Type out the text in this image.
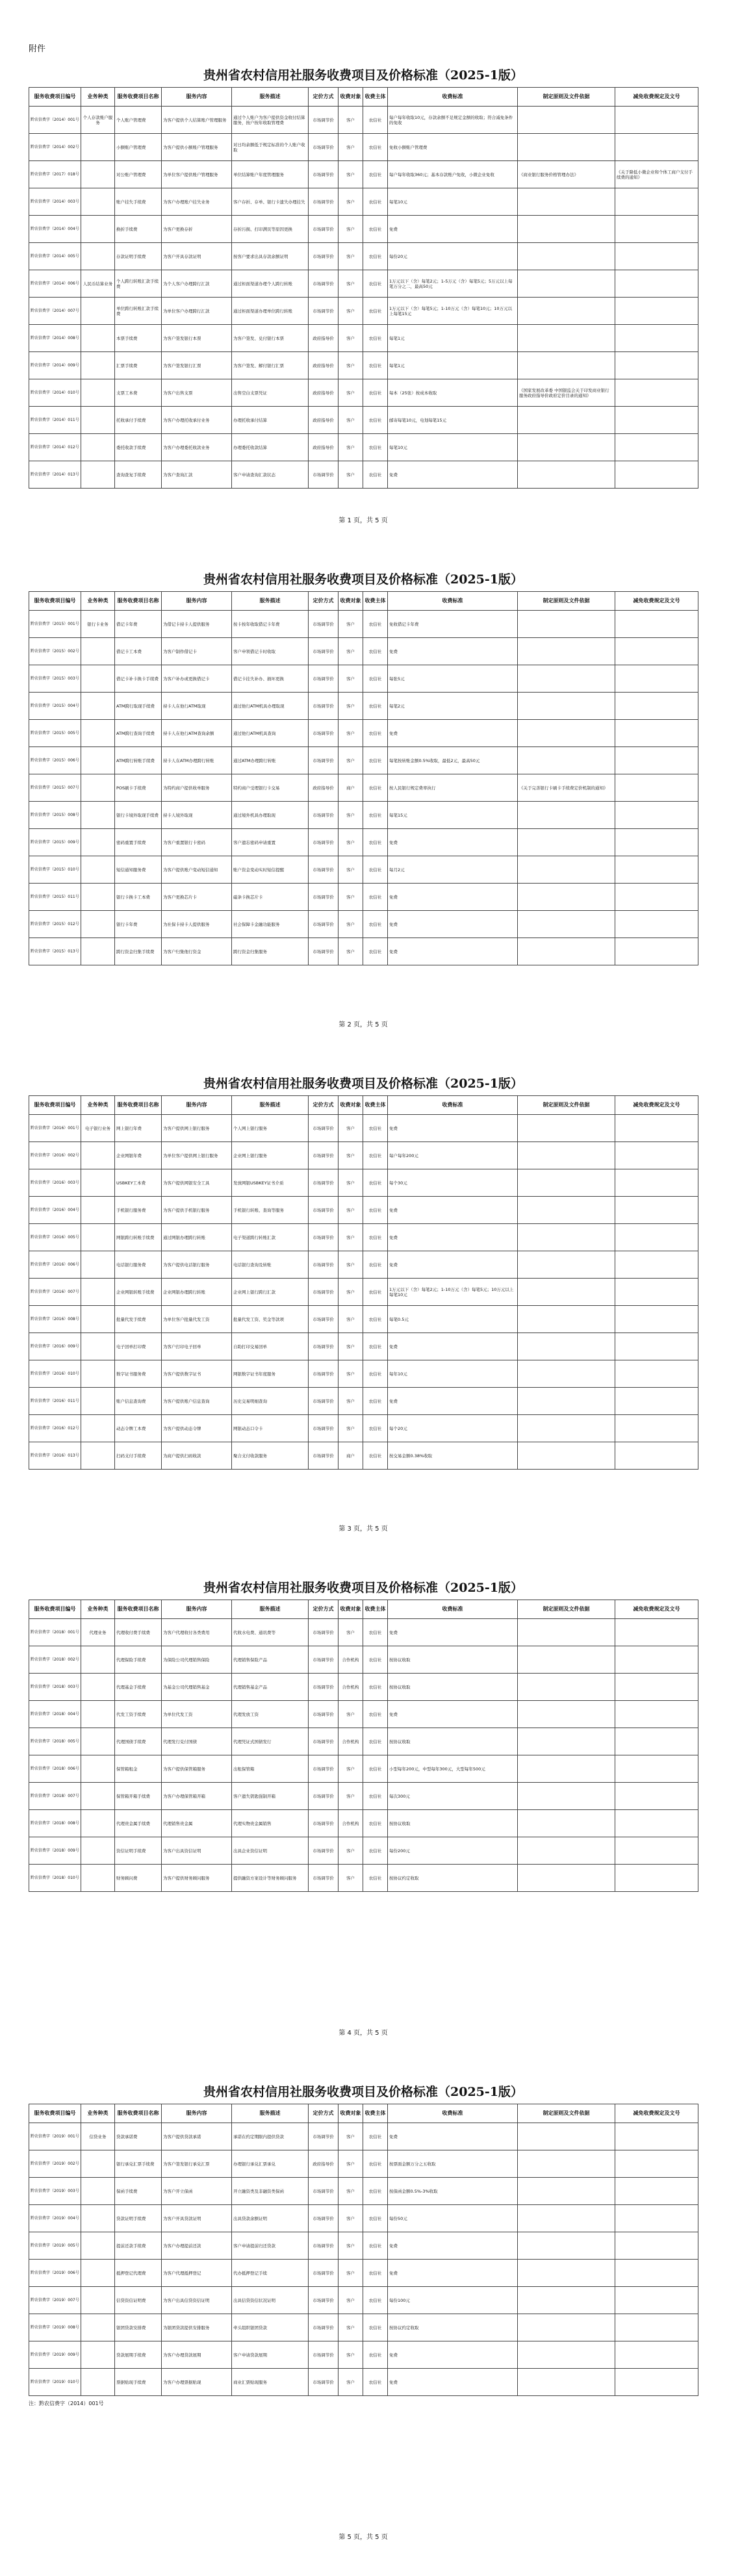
附件
贵州省农村信用社服务收费项目及价格标准（2025-1版）
服务收费项目编号	业务种类	服务收费项目名称	服务内容	服务描述	定价方式	收费对象	收费主体	收费标准	制定原则及文件依据	减免收费规定及文号
黔农信费字（2014）001号	个人存款账户服务	个人账户管理费	为客户提供个人结算账户管理服务	通过个人账户为客户提供资金收付结算服务，按户按年收取管理费	市场调节价	客户	农信社	每户每年收取10元，存款余额不足规定金额的收取；符合减免条件的免收		
黔农信费字（2014）002号		小额账户管理费	为客户提供小额账户管理服务	对日均余额低于规定标准的个人账户收取	市场调节价	客户	农信社	免收小额账户管理费		
黔农信费字（2017）018号		对公账户管理费	为单位客户提供账户管理服务	单位结算账户年度管理服务	市场调节价	客户	农信社	每户每年收取360元；基本存款账户免收，小微企业免收	《商业银行服务价格管理办法》	《关于降低小微企业和个体工商户支付手续费的通知》
黔农信费字（2014）003号		账户挂失手续费	为客户办理账户挂失业务	客户存折、存单、银行卡遗失办理挂失	市场调节价	客户	农信社	每笔10元		
黔农信费字（2014）004号		换折手续费	为客户更换存折	存折污损、打印满页等原因更换	市场调节价	客户	农信社	免费		
黔农信费字（2014）005号		存款证明手续费	为客户开具存款证明	按客户要求出具存款余额证明	市场调节价	客户	农信社	每份20元		
黔农信费字（2014）006号	人民币结算业务	个人跨行转账汇款手续费	为个人客户办理跨行汇款	通过柜面渠道办理个人跨行转账	市场调节价	客户	农信社	1万元以下（含）每笔2元；1-5万元（含）每笔5元；5万元以上每笔万分之二，最高50元		
黔农信费字（2014）007号		单位跨行转账汇款手续费	为单位客户办理跨行汇款	通过柜面渠道办理单位跨行转账	市场调节价	客户	农信社	1万元以下（含）每笔5元；1-10万元（含）每笔10元；10万元以上每笔15元		
黔农信费字（2014）008号		本票手续费	为客户签发银行本票	为客户签发、兑付银行本票	政府指导价	客户	农信社	每笔1元		
黔农信费字（2014）009号		汇票手续费	为客户签发银行汇票	为客户签发、解付银行汇票	政府指导价	客户	农信社	每笔1元		
黔农信费字（2014）010号		支票工本费	为客户出售支票	出售空白支票凭证	政府指导价	客户	农信社	每本（25张）按成本收取	《国家发展改革委 中国银监会关于印发商业银行服务政府指导价政府定价目录的通知》	
黔农信费字（2014）011号		托收承付手续费	为客户办理托收承付业务	办理托收承付结算	政府指导价	客户	农信社	邮寄每笔10元，电划每笔15元		
黔农信费字（2014）012号		委托收款手续费	为客户办理委托收款业务	办理委托收款结算	政府指导价	客户	农信社	每笔10元		
黔农信费字（2014）013号		查询查复手续费	为客户查询汇款	客户申请查询汇款状态	市场调节价	客户	农信社	免费		
第 1 页，共 5 页
贵州省农村信用社服务收费项目及价格标准（2025-1版）
服务收费项目编号	业务种类	服务收费项目名称	服务内容	服务描述	定价方式	收费对象	收费主体	收费标准	制定原则及文件依据	减免收费规定及文号
黔农信费字（2015）001号	银行卡业务	借记卡年费	为借记卡持卡人提供服务	按卡按年收取借记卡年费	市场调节价	客户	农信社	免收借记卡年费		
黔农信费字（2015）002号		借记卡工本费	为客户制作借记卡	客户申领借记卡时收取	市场调节价	客户	农信社	免费		
黔农信费字（2015）003号		借记卡补卡换卡手续费	为客户补办或更换借记卡	借记卡挂失补办、损坏更换	市场调节价	客户	农信社	每张5元		
黔农信费字（2015）004号		ATM跨行取现手续费	持卡人在他行ATM取现	通过他行ATM机具办理取现	市场调节价	客户	农信社	每笔2元		
黔农信费字（2015）005号		ATM跨行查询手续费	持卡人在他行ATM查询余额	通过他行ATM机具查询	市场调节价	客户	农信社	免费		
黔农信费字（2015）006号		ATM跨行转账手续费	持卡人在ATM办理跨行转账	通过ATM办理跨行转账	市场调节价	客户	农信社	每笔按转账金额0.5%收取，最低2元，最高50元		
黔农信费字（2015）007号		POS刷卡手续费	为特约商户提供收单服务	特约商户受理银行卡交易	政府指导价	商户	农信社	按人民银行规定费率执行	《关于完善银行卡刷卡手续费定价机制的通知》	
黔农信费字（2015）008号		银行卡境外取现手续费	持卡人境外取现	通过境外机具办理取现	市场调节价	客户	农信社	每笔15元		
黔农信费字（2015）009号		密码重置手续费	为客户重置银行卡密码	客户遗忘密码申请重置	市场调节价	客户	农信社	免费		
黔农信费字（2015）010号		短信通知服务费	为客户提供账户变动短信通知	账户资金变动实时短信提醒	市场调节价	客户	农信社	每月2元		
黔农信费字（2015）011号		银行卡换卡工本费	为客户更换芯片卡	磁条卡换芯片卡	市场调节价	客户	农信社	免费		
黔农信费字（2015）012号		银行卡年费	为社保卡持卡人提供服务	社会保障卡金融功能服务	市场调节价	客户	农信社	免费		
黔农信费字（2015）013号		跨行资金归集手续费	为客户归集他行资金	跨行资金归集服务	市场调节价	客户	农信社	免费		
第 2 页，共 5 页
贵州省农村信用社服务收费项目及价格标准（2025-1版）
服务收费项目编号	业务种类	服务收费项目名称	服务内容	服务描述	定价方式	收费对象	收费主体	收费标准	制定原则及文件依据	减免收费规定及文号
黔农信费字（2016）001号	电子银行业务	网上银行年费	为客户提供网上银行服务	个人网上银行服务	市场调节价	客户	农信社	免费		
黔农信费字（2016）002号		企业网银年费	为单位客户提供网上银行服务	企业网上银行服务	市场调节价	客户	农信社	每户每年200元		
黔农信费字（2016）003号		USBKEY工本费	为客户提供网银安全工具	发放网银USBKEY证书介质	市场调节价	客户	农信社	每个30元		
黔农信费字（2016）004号		手机银行服务费	为客户提供手机银行服务	手机银行转账、查询等服务	市场调节价	客户	农信社	免费		
黔农信费字（2016）005号		网银跨行转账手续费	通过网银办理跨行转账	电子渠道跨行转账汇款	市场调节价	客户	农信社	免费		
黔农信费字（2016）006号		电话银行服务费	为客户提供电话银行服务	电话银行查询及转账	市场调节价	客户	农信社	免费		
黔农信费字（2016）007号		企业网银转账手续费	企业网银办理跨行转账	企业网上银行跨行汇款	市场调节价	客户	农信社	1万元以下（含）每笔2元；1-10万元（含）每笔5元；10万元以上每笔10元		
黔农信费字（2016）008号		批量代发手续费	为单位客户批量代发工资	批量代发工资、奖金等款项	市场调节价	客户	农信社	每笔0.5元		
黔农信费字（2016）009号		电子回单打印费	为客户打印电子回单	自助打印交易回单	市场调节价	客户	农信社	免费		
黔农信费字（2016）010号		数字证书服务费	为客户提供数字证书	网银数字证书年度服务	市场调节价	客户	农信社	每年10元		
黔农信费字（2016）011号		账户信息查询费	为客户提供账户信息查询	历史交易明细查询	市场调节价	客户	农信社	免费		
黔农信费字（2016）012号		动态令牌工本费	为客户提供动态令牌	网银动态口令卡	市场调节价	客户	农信社	每个20元		
黔农信费字（2016）013号		扫码支付手续费	为商户提供扫码收款	聚合支付收款服务	市场调节价	商户	农信社	按交易金额0.38%收取		
第 3 页，共 5 页
贵州省农村信用社服务收费项目及价格标准（2025-1版）
服务收费项目编号	业务种类	服务收费项目名称	服务内容	服务描述	定价方式	收费对象	收费主体	收费标准	制定原则及文件依据	减免收费规定及文号
黔农信费字（2018）001号	代理业务	代理收付费手续费	为客户代理收付各类费用	代收水电费、通讯费等	市场调节价	客户	农信社	免费		
黔农信费字（2018）002号		代理保险手续费	为保险公司代理销售保险	代理销售保险产品	市场调节价	合作机构	农信社	按协议收取		
黔农信费字（2018）003号		代理基金手续费	为基金公司代理销售基金	代理销售基金产品	市场调节价	合作机构	农信社	按协议收取		
黔农信费字（2018）004号		代发工资手续费	为单位代发工资	代理发放工资	市场调节价	客户	农信社	免费		
黔农信费字（2018）005号		代理国债手续费	代理发行兑付国债	代理凭证式国债发行	市场调节价	合作机构	农信社	按协议收取		
黔农信费字（2018）006号		保管箱租金	为客户提供保管箱服务	出租保管箱	市场调节价	客户	农信社	小型每年200元，中型每年300元，大型每年500元		
黔农信费字（2018）007号		保管箱开箱手续费	为客户办理保管箱开箱	客户遗失钥匙强制开箱	市场调节价	客户	农信社	每次300元		
黔农信费字（2018）008号		代理贵金属手续费	代理销售贵金属	代理实物贵金属销售	市场调节价	合作机构	农信社	按协议收取		
黔农信费字（2018）009号		资信证明手续费	为客户出具资信证明	出具企业资信证明	市场调节价	客户	农信社	每份200元		
黔农信费字（2018）010号		财务顾问费	为客户提供财务顾问服务	提供融资方案设计等财务顾问服务	市场调节价	客户	农信社	按协议约定收取		
第 4 页，共 5 页
贵州省农村信用社服务收费项目及价格标准（2025-1版）
服务收费项目编号	业务种类	服务收费项目名称	服务内容	服务描述	定价方式	收费对象	收费主体	收费标准	制定原则及文件依据	减免收费规定及文号
黔农信费字（2019）001号	信贷业务	贷款承诺费	为客户提供贷款承诺	承诺在约定期限内提供贷款	市场调节价	客户	农信社	免费		
黔农信费字（2019）002号		银行承兑汇票手续费	为客户签发银行承兑汇票	办理银行承兑汇票承兑	政府指导价	客户	农信社	按票面金额万分之五收取		
黔农信费字（2019）003号		保函手续费	为客户开立保函	开立融资类及非融资类保函	市场调节价	客户	农信社	按保函金额0.5%-3%收取		
黔农信费字（2019）004号		贷款证明手续费	为客户开具贷款证明	出具贷款余额证明	市场调节价	客户	农信社	每份50元		
黔农信费字（2019）005号		提前还款手续费	为客户办理提前还款	客户申请提前归还贷款	市场调节价	客户	农信社	免费		
黔农信费字（2019）006号		抵押登记代理费	为客户代理抵押登记	代办抵押登记手续	市场调节价	客户	农信社	免费		
黔农信费字（2019）007号		信贷资信证明费	为客户出具信贷资信证明	出具信贷资信状况证明	市场调节价	客户	农信社	每份100元		
黔农信费字（2019）008号		银团贷款安排费	为银团贷款提供安排服务	牵头组织银团贷款	市场调节价	客户	农信社	按协议约定收取		
黔农信费字（2019）009号		贷款展期手续费	为客户办理贷款展期	客户申请贷款展期	市场调节价	客户	农信社	免费		
黔农信费字（2019）010号		票据贴现手续费	为客户办理票据贴现	商业汇票贴现服务	市场调节价	客户	农信社	免费		
注：黔农信费字（2014）001号
第 5 页，共 5 页
